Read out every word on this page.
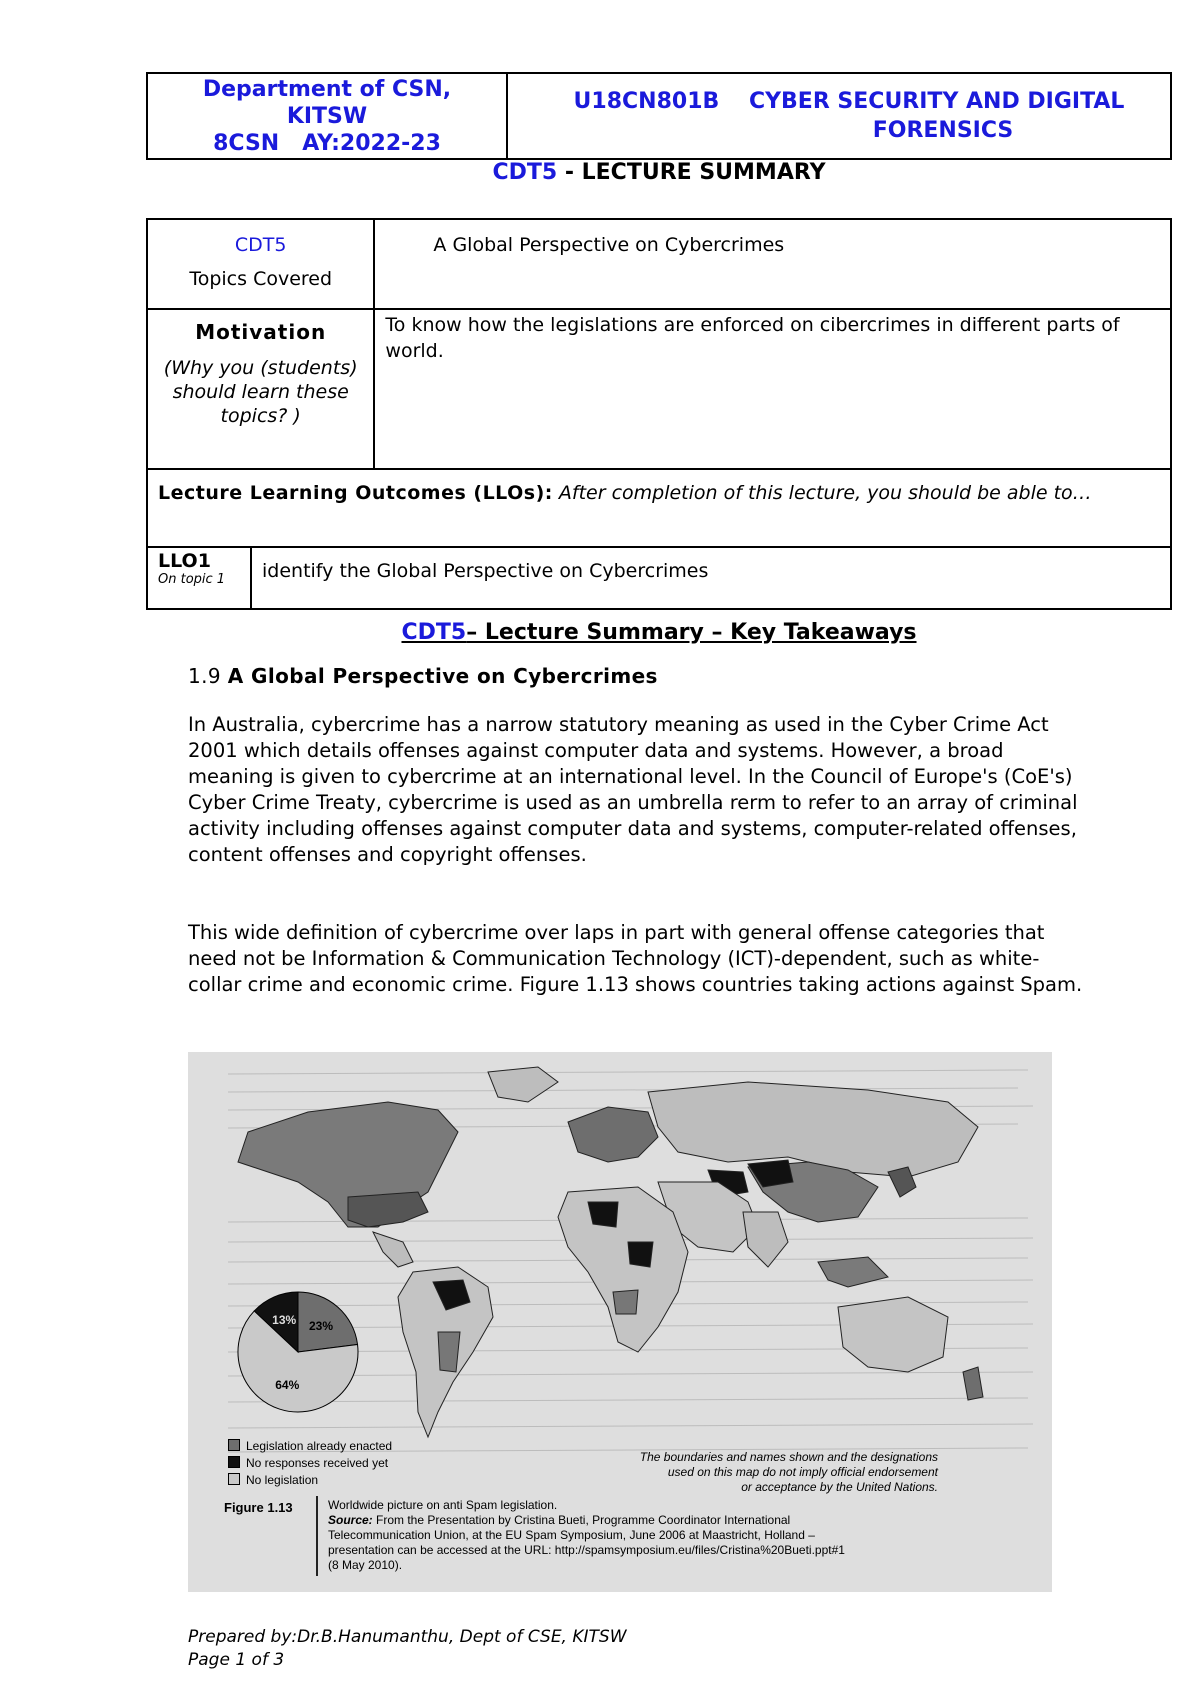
Department of CSN,
KITSW
8CSN   AY:2022-23
	U18CN801B CYBER SECURITY AND DIGITAL
FORENSICS
CDT5 - LECTURE SUMMARY
CDT5
Topics Covered		A Global Perspective on Cybercrimes

Motivation
(Why you (students) should learn these topics? )		To know how the legislations are enforced on cibercrimes in different parts of world.
Lecture Learning Outcomes (LLOs): After completion of this lecture, you should be able to…		

LLO1
On topic 1	identify the Global Perspective on Cybercrimes	
CDT5– Lecture Summary – Key Takeaways
1.9 A Global Perspective on Cybercrimes

In Australia, cybercrime has a narrow statutory meaning as used in the Cyber Crime Act 2001 which details offenses against computer data and systems. However, a broad meaning is given to cybercrime at an international level. In the Council of Europe's (CoE's) Cyber Crime Treaty, cybercrime is used as an umbrella rerm to refer to an array of criminal activity including offenses against computer data and systems, computer-related offenses, content offenses and copyright offenses.

This wide definition of cybercrime over laps in part with general offense categories that need not be Information & Communication Technology (ICT)-dependent, such as white-collar crime and economic crime. Figure 1.13 shows countries taking actions against Spam.

23%
64%
13%
Legislation already enacted
No responses received yet
No legislation
The boundaries and names shown and the designations
used on this map do not imply official endorsement
or acceptance by the United Nations.
Figure 1.13	Worldwide picture on anti Spam legislation.
Source: From the Presentation by Cristina Bueti, Programme Coordinator International
Telecommunication Union, at the EU Spam Symposium, June 2006 at Maastricht, Holland –
presentation can be accessed at the URL: http://spamsymposium.eu/files/Cristina%20Bueti.ppt#1
(8 May 2010).
Prepared by:Dr.B.Hanumanthu, Dept of CSE, KITSW
Page 1 of 3
